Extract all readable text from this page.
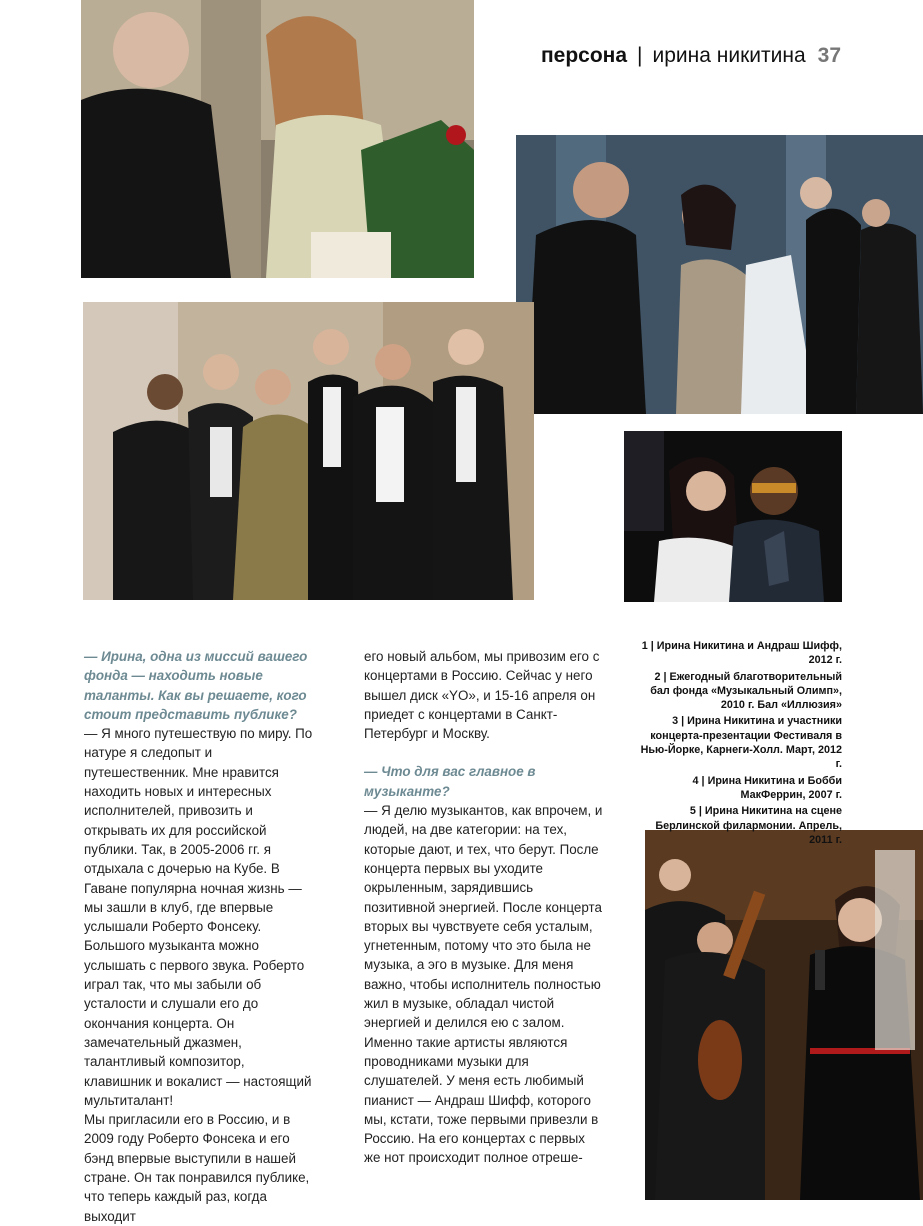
персона | ирина никитина 37

— Ирина, одна из миссий вашего фонда — находить новые таланты. Как вы решаете, кого стоит представить публике?

— Я много путешествую по миру. По натуре я следопыт и путешественник. Мне нравится находить новых и интересных исполнителей, привозить и открывать их для российской публики. Так, в 2005-2006 гг. я отдыхала с дочерью на Кубе. В Гаване популярна ночная жизнь — мы зашли в клуб, где впервые услышали Роберто Фонсеку. Большого музыканта можно услышать с первого звука. Роберто играл так, что мы забыли об усталости и слушали его до окончания концерта. Он замечательный джазмен, талантливый композитор, клавишник и вокалист — настоящий мультиталант!

Мы пригласили его в Россию, и в 2009 году Роберто Фонсека и его бэнд впервые выступили в нашей стране. Он так понравился публике, что теперь каждый раз, когда выходит

его новый альбом, мы привозим его с концертами в Россию. Сейчас у него вышел диск «YO», и 15-16 апреля он приедет с концертами в Санкт-Петербург и Москву.

— Что для вас главное в музыканте?

— Я делю музыкантов, как впрочем, и людей, на две категории: на тех, которые дают, и тех, что берут. После концерта первых вы уходите окрыленным, зарядившись позитивной энергией. После концерта вторых вы чувствуете себя усталым, угнетенным, потому что это была не музыка, а эго в музыке. Для меня важно, чтобы исполнитель полностью жил в музыке, обладал чистой энергией и делился ею с залом. Именно такие артисты являются проводниками музыки для слушателей. У меня есть любимый пианист — Андраш Шифф, которого мы, кстати, тоже первыми привезли в Россию. На его концертах с первых же нот происходит полное отреше-

1 | Ирина Никитина и Андраш Шифф, 2012 г.
2 | Ежегодный благотворительный бал фонда «Музыкальный Олимп», 2010 г. Бал «Иллюзия»
3 | Ирина Никитина и участники концерта-презентации Фестиваля в Нью-Йорке, Карнеги-Холл. Март, 2012 г.
4 | Ирина Никитина и Бобби МакФеррин, 2007 г.
5 | Ирина Никитина на сцене Берлинской филармонии. Апрель, 2011 г.
